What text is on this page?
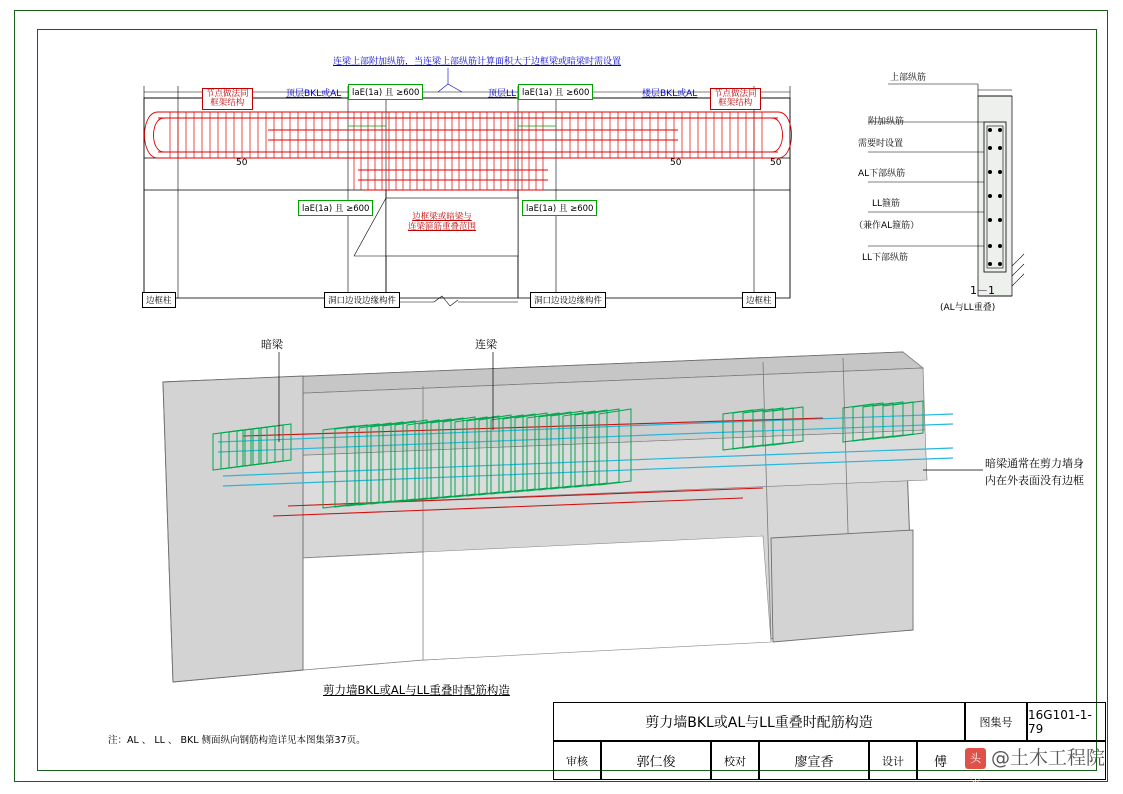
连梁上部附加纵筋，当连梁上部纵筋计算面积大于边框梁或暗梁时需设置
节点做法同
框架结构
节点做法同
框架结构
顶层BKL或AL	laE(1a) 且 ≥600	顶层LL laE(1a) 且 ≥600	楼层BKL或AL
50	50	50
laE(1a) 且 ≥600	laE(1a) 且 ≥600
边框梁或暗梁与
连梁箍筋重叠范围
边框柱	洞口边设边缘构件	洞口边设边缘构件	边框柱
上部纵筋
附加纵筋
需要时设置
AL下部纵筋
LL箍筋
（兼作AL箍筋）
LL下部纵筋
1－1
(AL与LL重叠)
暗梁	连梁
暗梁通常在剪力墙身
内在外表面没有边框
剪力墙BKL或AL与LL重叠时配筋构造
注：AL 、 LL 、 BKL 侧面纵向钢筋构造详见本图集第37页。
剪力墙BKL或AL与LL重叠时配筋构造	图集号
16G101-1-79
审核	郭仁俊	校对	廖宣香	设计	傅	头条@土木工程院
